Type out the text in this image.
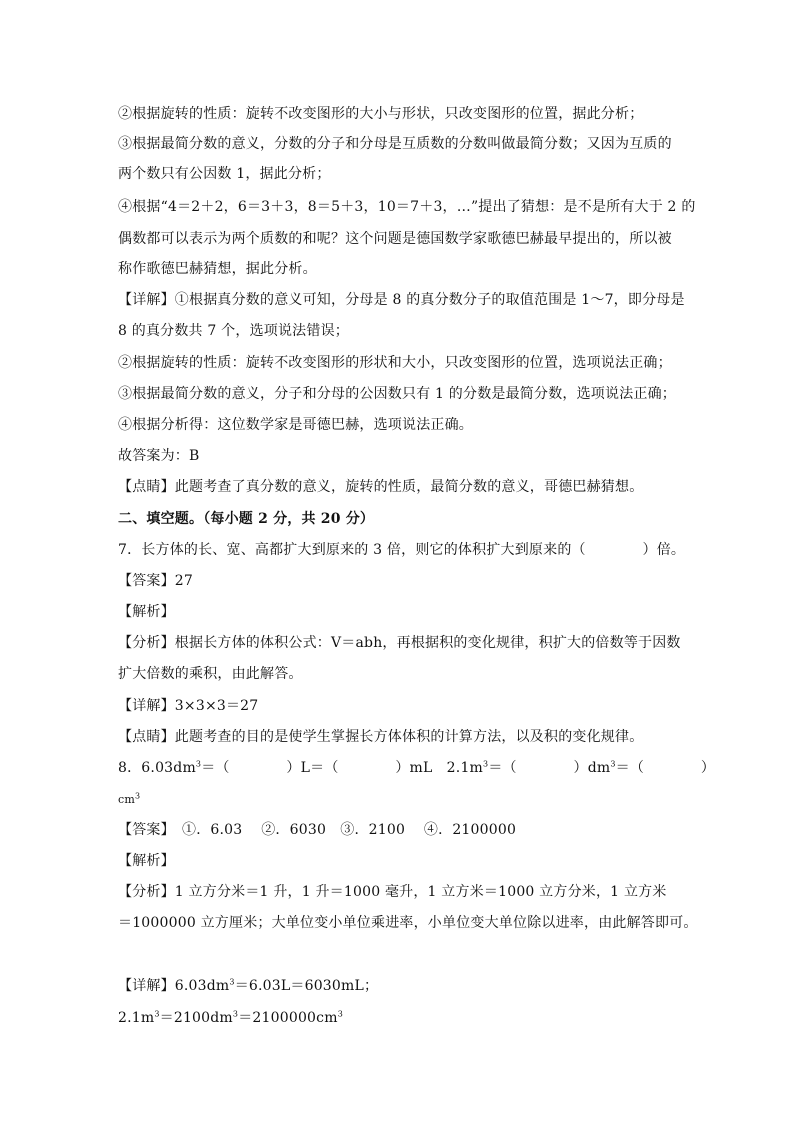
②根据旋转的性质：旋转不改变图形的大小与形状，只改变图形的位置，据此分析；
③根据最简分数的意义，分数的分子和分母是互质数的分数叫做最简分数；又因为互质的
两个数只有公因数 1，据此分析；
④根据“4＝2＋2，6＝3＋3，8＝5＋3，10＝7＋3，…”提出了猜想：是不是所有大于 2 的
偶数都可以表示为两个质数的和呢？这个问题是德国数学家歌德巴赫最早提出的，所以被
称作歌德巴赫猜想，据此分析。
【详解】①根据真分数的意义可知，分母是 8 的真分数分子的取值范围是 1～7，即分母是
8 的真分数共 7 个，选项说法错误；
②根据旋转的性质：旋转不改变图形的形状和大小，只改变图形的位置，选项说法正确；
③根据最简分数的意义，分子和分母的公因数只有 1 的分数是最简分数，选项说法正确；
④根据分析得：这位数学家是哥德巴赫，选项说法正确。
故答案为：B
【点睛】此题考查了真分数的意义，旋转的性质，最简分数的意义，哥德巴赫猜想。
二、填空题。（每小题 2 分，共 20 分）
7．长方体的长、宽、高都扩大到原来的 3 倍，则它的体积扩大到原来的（　　　　）倍。
【答案】27
【解析】
【分析】根据长方体的体积公式：V＝abh，再根据积的变化规律，积扩大的倍数等于因数
扩大倍数的乘积，由此解答。
【详解】3×3×3＝27
【点睛】此题考查的目的是使学生掌握长方体体积的计算方法，以及积的变化规律。
8．$6.03dm^3=$（　　　　）L＝（　　　　）mL　$2.1m^3=$（　　　　）$dm^3=$（　　　　）
$cm^3$
【答案】　①．6.03　 ②．6030　③．2100　 ④．2100000
【解析】
【分析】1 立方分米＝1 升，1 升＝1000 毫升，1 立方米＝1000 立方分米，1 立方米
＝1000000 立方厘米；大单位变小单位乘进率，小单位变大单位除以进率，由此解答即可。
【详解】$6.03dm^3=6.03L=6030mL$；
$2.1m^3=2100dm^3=2100000cm^3$
